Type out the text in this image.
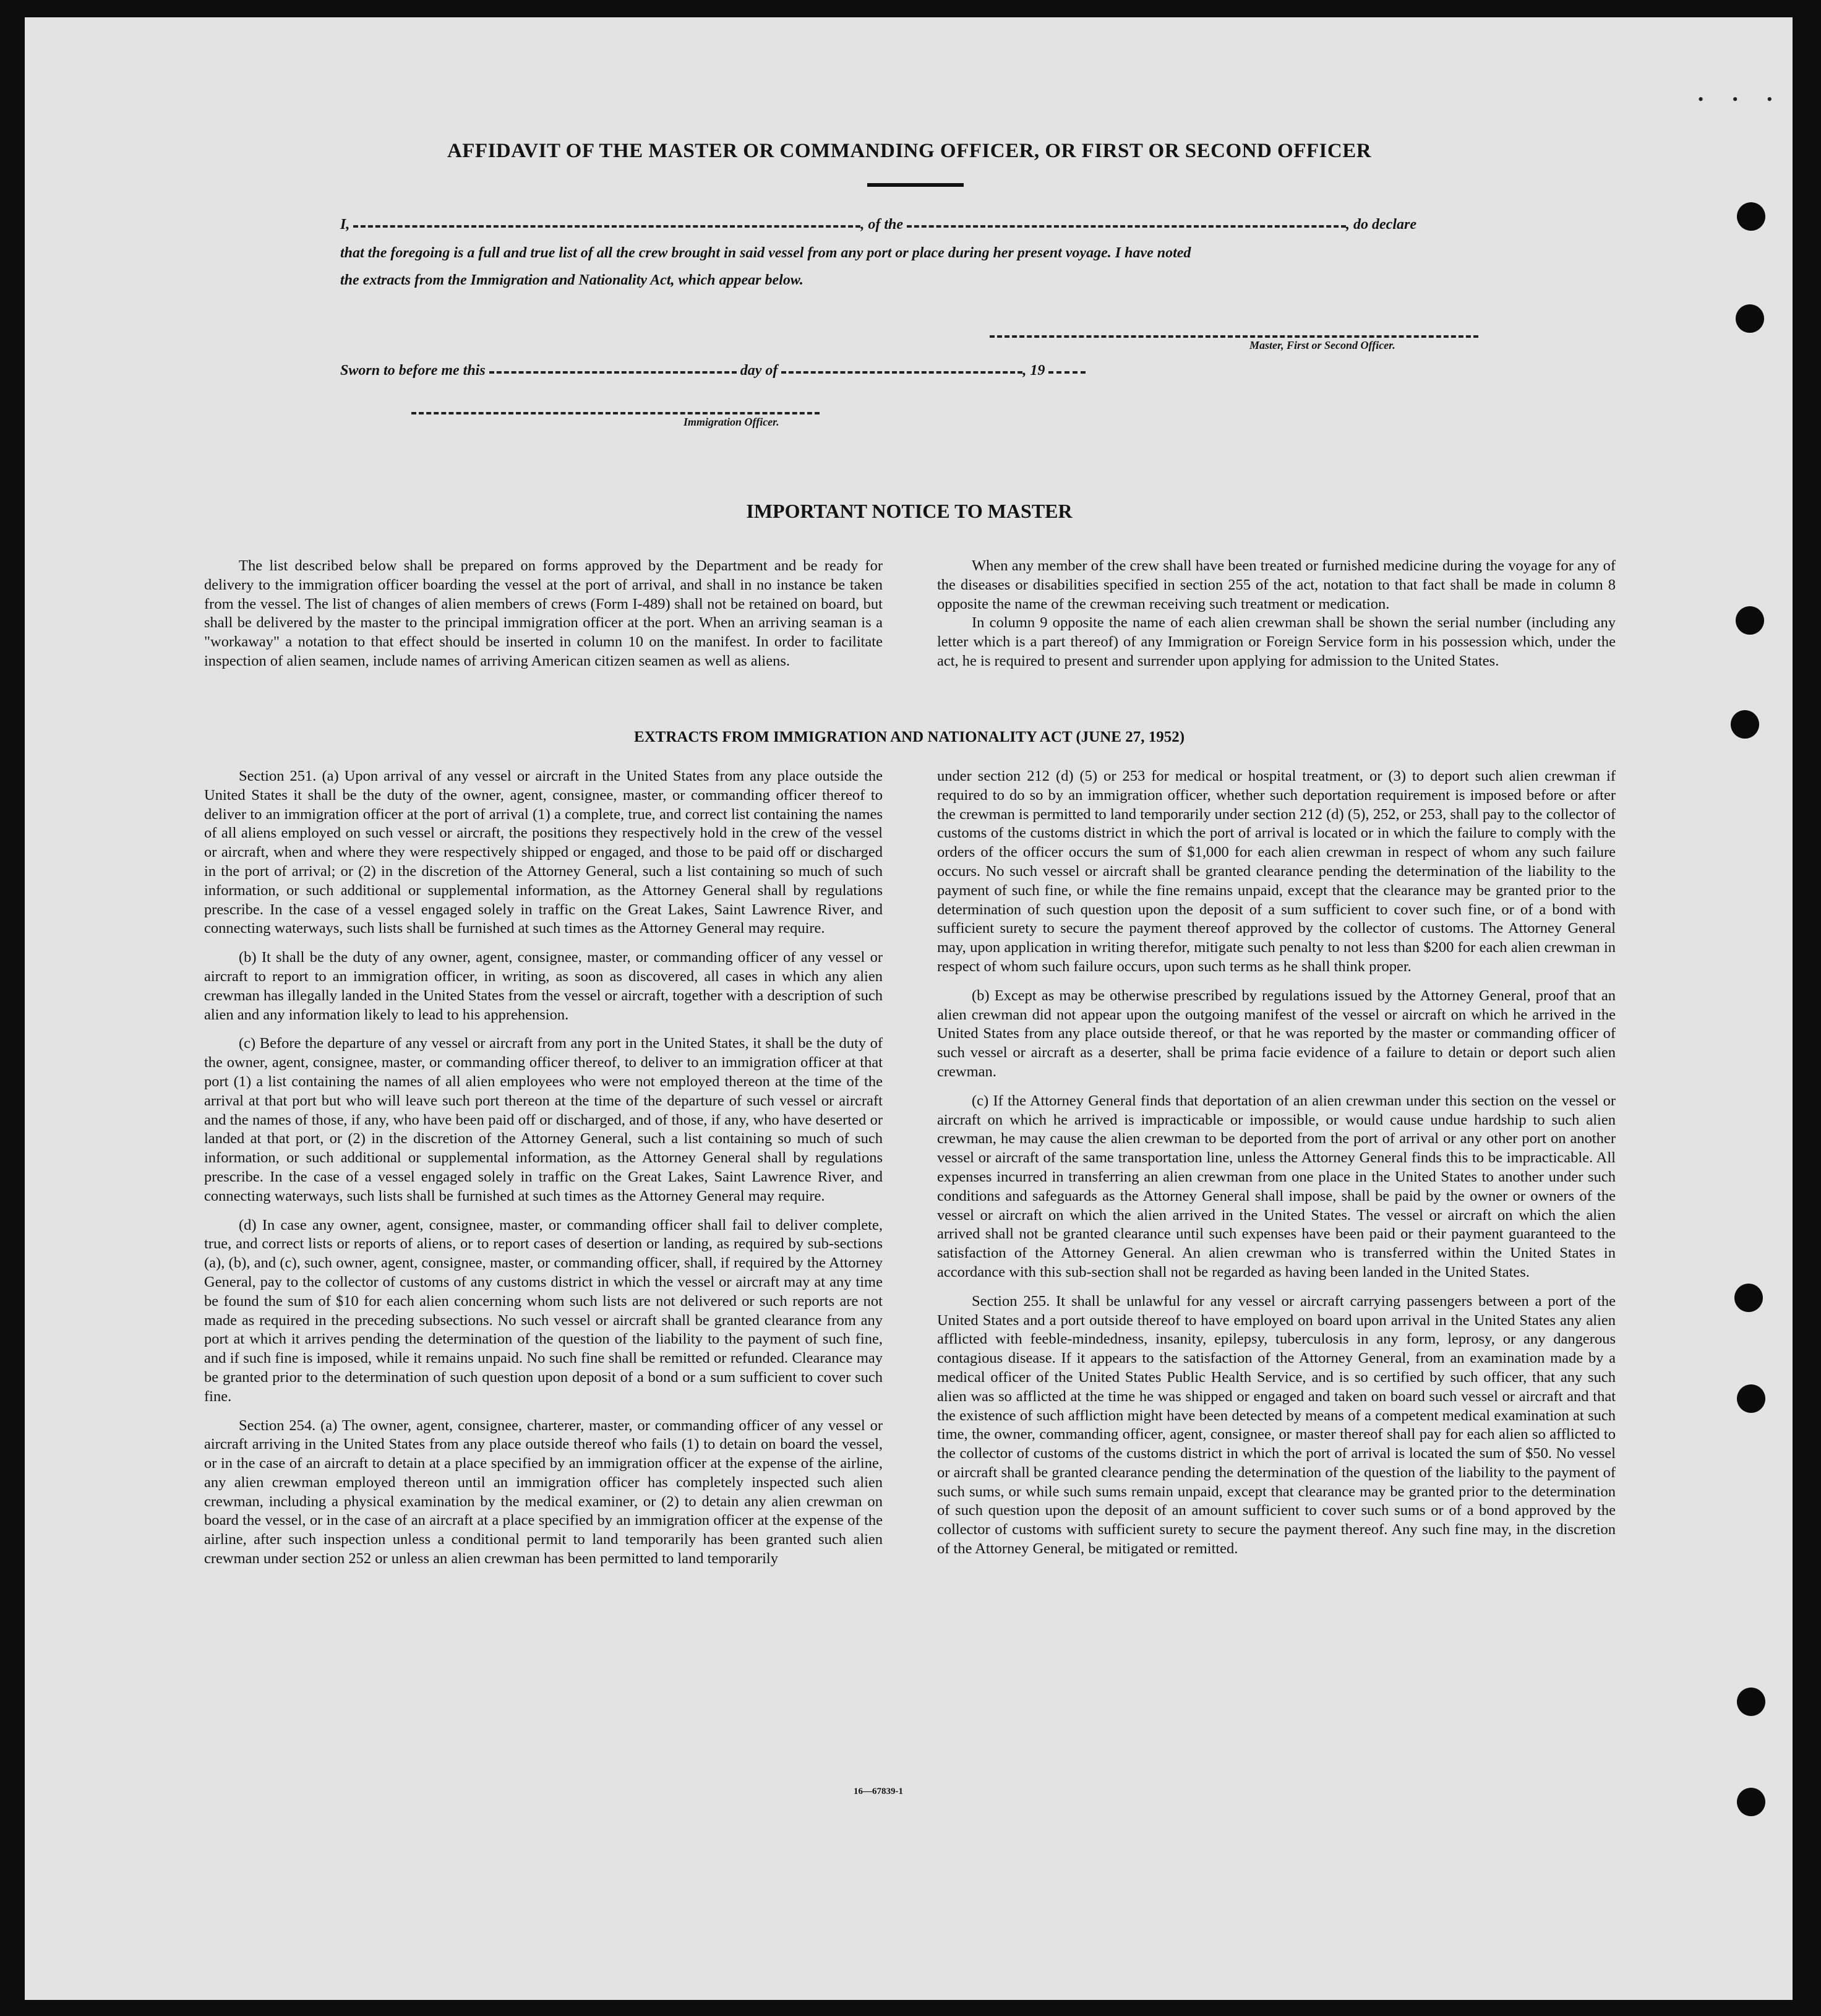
• • •
AFFIDAVIT OF THE MASTER OR COMMANDING OFFICER, OR FIRST OR SECOND OFFICER
I,	, of the	, do declare
that the foregoing is a full and true list of all the crew brought in said vessel from any port or place during her present voyage. I have noted
the extracts from the Immigration and Nationality Act, which appear below.
Master, First or Second Officer.
Sworn to before me this	day of	, 19
Immigration Officer.
IMPORTANT NOTICE TO MASTER

The list described below shall be prepared on forms approved by the Department and be ready for delivery to the immigration officer boarding the vessel at the port of arrival, and shall in no instance be taken from the vessel. The list of changes of alien members of crews (Form I-489) shall not be retained on board, but shall be delivered by the master to the principal immigration officer at the port. When an arriving seaman is a "workaway" a notation to that effect should be inserted in column 10 on the manifest. In order to facilitate inspection of alien seamen, include names of arriving American citizen seamen as well as aliens.

When any member of the crew shall have been treated or furnished medicine during the voyage for any of the diseases or disabilities specified in section 255 of the act, notation to that fact shall be made in column 8 opposite the name of the crewman receiving such treatment or medication.

In column 9 opposite the name of each alien crewman shall be shown the serial number (including any letter which is a part thereof) of any Immigration or Foreign Service form in his possession which, under the act, he is required to present and surrender upon applying for admission to the United States.

EXTRACTS FROM IMMIGRATION AND NATIONALITY ACT (JUNE 27, 1952)

Section 251. (a) Upon arrival of any vessel or aircraft in the United States from any place outside the United States it shall be the duty of the owner, agent, consignee, master, or commanding officer thereof to deliver to an immigration officer at the port of arrival (1) a complete, true, and correct list containing the names of all aliens employed on such vessel or aircraft, the positions they respectively hold in the crew of the vessel or aircraft, when and where they were respectively shipped or engaged, and those to be paid off or discharged in the port of arrival; or (2) in the discretion of the Attorney General, such a list containing so much of such information, or such additional or supplemental information, as the Attorney General shall by regulations prescribe. In the case of a vessel engaged solely in traffic on the Great Lakes, Saint Lawrence River, and connecting waterways, such lists shall be furnished at such times as the Attorney General may require.

(b) It shall be the duty of any owner, agent, consignee, master, or commanding officer of any vessel or aircraft to report to an immigration officer, in writing, as soon as discovered, all cases in which any alien crewman has illegally landed in the United States from the vessel or aircraft, together with a description of such alien and any information likely to lead to his apprehension.

(c) Before the departure of any vessel or aircraft from any port in the United States, it shall be the duty of the owner, agent, consignee, master, or commanding officer thereof, to deliver to an immigration officer at that port (1) a list containing the names of all alien employees who were not employed thereon at the time of the arrival at that port but who will leave such port thereon at the time of the departure of such vessel or aircraft and the names of those, if any, who have been paid off or discharged, and of those, if any, who have deserted or landed at that port, or (2) in the discretion of the Attorney General, such a list containing so much of such information, or such additional or supplemental information, as the Attorney General shall by regulations prescribe. In the case of a vessel engaged solely in traffic on the Great Lakes, Saint Lawrence River, and connecting waterways, such lists shall be furnished at such times as the Attorney General may require.

(d) In case any owner, agent, consignee, master, or commanding officer shall fail to deliver complete, true, and correct lists or reports of aliens, or to report cases of desertion or landing, as required by sub-sections (a), (b), and (c), such owner, agent, consignee, master, or commanding officer, shall, if required by the Attorney General, pay to the collector of customs of any customs district in which the vessel or aircraft may at any time be found the sum of $10 for each alien concerning whom such lists are not delivered or such reports are not made as required in the preceding subsections. No such vessel or aircraft shall be granted clearance from any port at which it arrives pending the determination of the question of the liability to the payment of such fine, and if such fine is imposed, while it remains unpaid. No such fine shall be remitted or refunded. Clearance may be granted prior to the determination of such question upon deposit of a bond or a sum sufficient to cover such fine.

Section 254. (a) The owner, agent, consignee, charterer, master, or commanding officer of any vessel or aircraft arriving in the United States from any place outside thereof who fails (1) to detain on board the vessel, or in the case of an aircraft to detain at a place specified by an immigration officer at the expense of the airline, any alien crewman employed thereon until an immigration officer has completely inspected such alien crewman, including a physical examination by the medical examiner, or (2) to detain any alien crewman on board the vessel, or in the case of an aircraft at a place specified by an immigration officer at the expense of the airline, after such inspection unless a conditional permit to land temporarily has been granted such alien crewman under section 252 or unless an alien crewman has been permitted to land temporarily

under section 212 (d) (5) or 253 for medical or hospital treatment, or (3) to deport such alien crewman if required to do so by an immigration officer, whether such deportation requirement is imposed before or after the crewman is permitted to land temporarily under section 212 (d) (5), 252, or 253, shall pay to the collector of customs of the customs district in which the port of arrival is located or in which the failure to comply with the orders of the officer occurs the sum of $1,000 for each alien crewman in respect of whom any such failure occurs. No such vessel or aircraft shall be granted clearance pending the determination of the liability to the payment of such fine, or while the fine remains unpaid, except that the clearance may be granted prior to the determination of such question upon the deposit of a sum sufficient to cover such fine, or of a bond with sufficient surety to secure the payment thereof approved by the collector of customs. The Attorney General may, upon application in writing therefor, mitigate such penalty to not less than $200 for each alien crewman in respect of whom such failure occurs, upon such terms as he shall think proper.

(b) Except as may be otherwise prescribed by regulations issued by the Attorney General, proof that an alien crewman did not appear upon the outgoing manifest of the vessel or aircraft on which he arrived in the United States from any place outside thereof, or that he was reported by the master or commanding officer of such vessel or aircraft as a deserter, shall be prima facie evidence of a failure to detain or deport such alien crewman.

(c) If the Attorney General finds that deportation of an alien crewman under this section on the vessel or aircraft on which he arrived is impracticable or impossible, or would cause undue hardship to such alien crewman, he may cause the alien crewman to be deported from the port of arrival or any other port on another vessel or aircraft of the same transportation line, unless the Attorney General finds this to be impracticable. All expenses incurred in transferring an alien crewman from one place in the United States to another under such conditions and safeguards as the Attorney General shall impose, shall be paid by the owner or owners of the vessel or aircraft on which the alien arrived in the United States. The vessel or aircraft on which the alien arrived shall not be granted clearance until such expenses have been paid or their payment guaranteed to the satisfaction of the Attorney General. An alien crewman who is transferred within the United States in accordance with this sub-section shall not be regarded as having been landed in the United States.

Section 255. It shall be unlawful for any vessel or aircraft carrying passengers between a port of the United States and a port outside thereof to have employed on board upon arrival in the United States any alien afflicted with feeble-mindedness, insanity, epilepsy, tuberculosis in any form, leprosy, or any dangerous contagious disease. If it appears to the satisfaction of the Attorney General, from an examination made by a medical officer of the United States Public Health Service, and is so certified by such officer, that any such alien was so afflicted at the time he was shipped or engaged and taken on board such vessel or aircraft and that the existence of such affliction might have been detected by means of a competent medical examination at such time, the owner, commanding officer, agent, consignee, or master thereof shall pay for each alien so afflicted to the collector of customs of the customs district in which the port of arrival is located the sum of $50. No vessel or aircraft shall be granted clearance pending the determination of the question of the liability to the payment of such sums, or while such sums remain unpaid, except that clearance may be granted prior to the determination of such question upon the deposit of an amount sufficient to cover such sums or of a bond approved by the collector of customs with sufficient surety to secure the payment thereof. Any such fine may, in the discretion of the Attorney General, be mitigated or remitted.

16—67839-1
